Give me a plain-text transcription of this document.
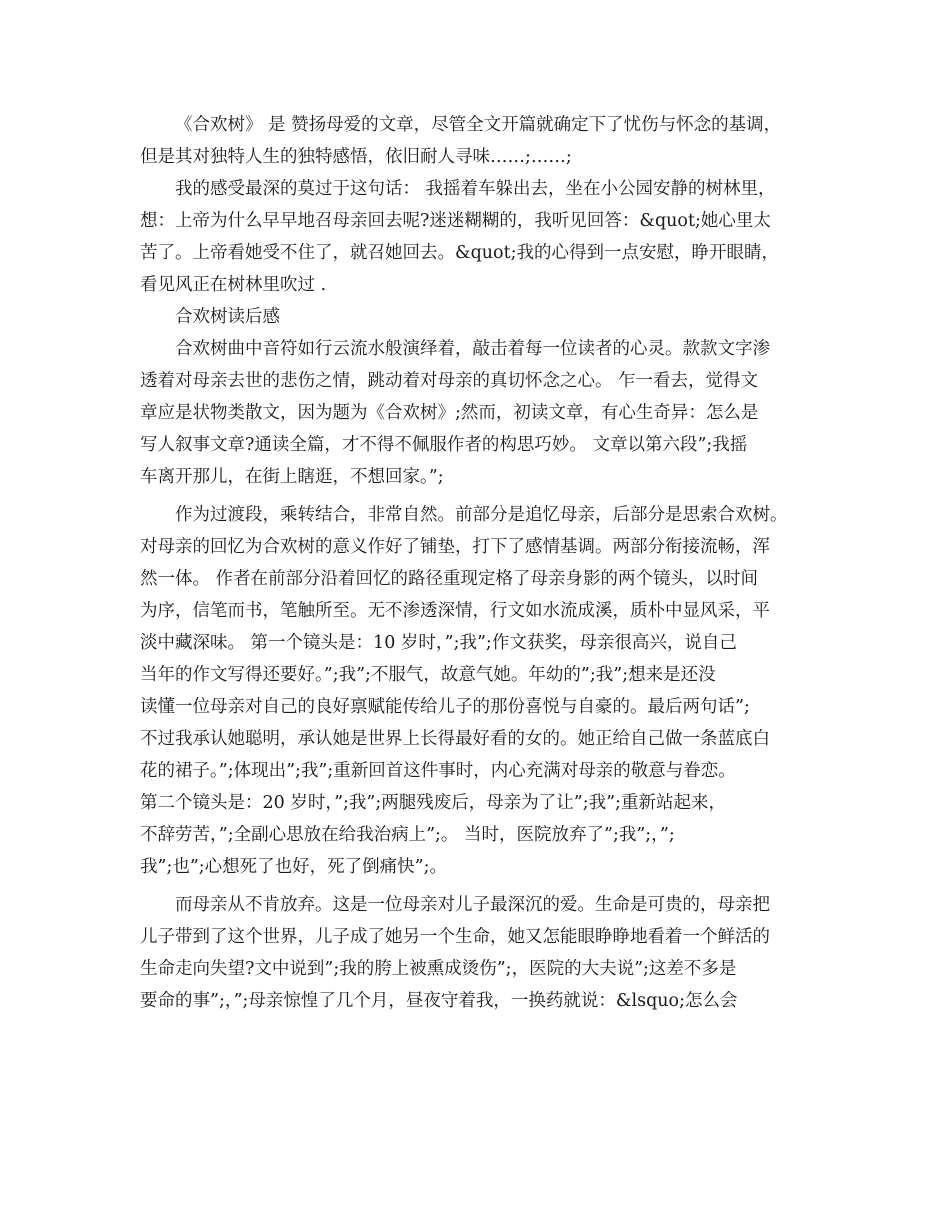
《合欢树》 是 赞扬母爱的文章，尽管全文开篇就确定下了忧伤与怀念的基调，
但是其对独特人生的独特感悟，依旧耐人寻味……;……;
我的感受最深的莫过于这句话： 我摇着车躲出去，坐在小公园安静的树林里，
想：上帝为什么早早地召母亲回去呢?迷迷糊糊的，我听见回答：&quot;她心里太
苦了。上帝看她受不住了，就召她回去。&quot;我的心得到一点安慰，睁开眼睛，
看见风正在树林里吹过 .
合欢树读后感
合欢树曲中音符如行云流水般演绎着，敲击着每一位读者的心灵。款款文字渗
透着对母亲去世的悲伤之情，跳动着对母亲的真切怀念之心。 乍一看去，觉得文
章应是状物类散文，因为题为《合欢树》;然而，初读文章，有心生奇异：怎么是
写人叙事文章?通读全篇，才不得不佩服作者的构思巧妙。 文章以第六段”;我摇
车离开那儿，在街上瞎逛，不想回家。”;
作为过渡段，乘转结合，非常自然。前部分是追忆母亲，后部分是思索合欢树。
对母亲的回忆为合欢树的意义作好了铺垫，打下了感情基调。两部分衔接流畅，浑
然一体。 作者在前部分沿着回忆的路径重现定格了母亲身影的两个镜头，以时间
为序，信笔而书，笔触所至。无不渗透深情，行文如水流成溪，质朴中显风采，平
淡中藏深味。 第一个镜头是：10 岁时，”;我”;作文获奖，母亲很高兴，说自己
当年的作文写得还要好。”;我”;不服气，故意气她。年幼的”;我”;想来是还没
读懂一位母亲对自己的良好禀赋能传给儿子的那份喜悦与自豪的。最后两句话”;
不过我承认她聪明，承认她是世界上长得最好看的女的。她正给自己做一条蓝底白
花的裙子。”;体现出”;我”;重新回首这件事时，内心充满对母亲的敬意与眷恋。
第二个镜头是：20 岁时，”;我”;两腿残废后，母亲为了让”;我”;重新站起来，
不辞劳苦，”;全副心思放在给我治病上”;。 当时，医院放弃了”;我”;，”;
我”;也”;心想死了也好，死了倒痛快”;。
而母亲从不肯放弃。这是一位母亲对儿子最深沉的爱。生命是可贵的，母亲把
儿子带到了这个世界，儿子成了她另一个生命，她又怎能眼睁睁地看着一个鲜活的
生命走向失望?文中说到”;我的胯上被熏成烫伤”;，医院的大夫说”;这差不多是
要命的事”;，”;母亲惊惶了几个月，昼夜守着我，一换药就说：&lsquo;怎么会
